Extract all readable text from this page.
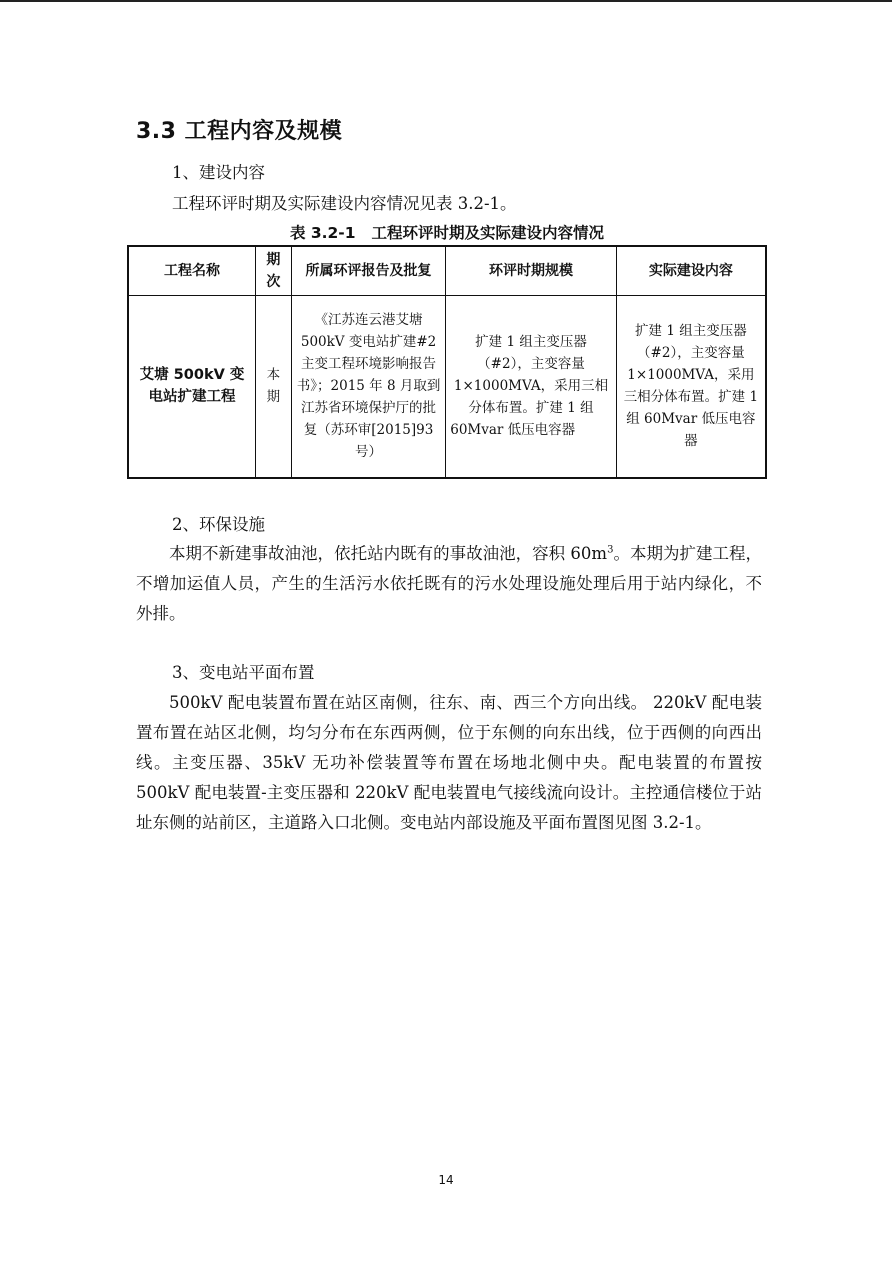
3.3 工程内容及规模

1、建设内容

工程环评时期及实际建设内容情况见表 3.2-1。

表 3.2-1 工程环评时期及实际建设内容情况
工程名称	期次	所属环评报告及批复	环评时期规模	实际建设内容
艾塘 500kV 变电站扩建工程	本期	《江苏连云港艾塘500kV 变电站扩建#2主变工程环境影响报告书》；2015 年 8 月取到江苏省环境保护厅的批复（苏环审[2015]93 号）	扩建 1 组主变压器（#2），主变容量 1×1000MVA，采用三相分体布置。扩建 1 组 60Mvar 低压电容器	扩建 1 组主变压器（#2），主变容量 1×1000MVA，采用三相分体布置。扩建 1 组 60Mvar 低压电容器

2、环保设施

本期不新建事故油池，依托站内既有的事故油池，容积 $60m^3$。本期为扩建工程，不增加运值人员，产生的生活污水依托既有的污水处理设施处理后用于站内绿化，不外排。

3、变电站平面布置

500kV 配电装置布置在站区南侧，往东、南、西三个方向出线。 220kV 配电装置布置在站区北侧，均匀分布在东西两侧，位于东侧的向东出线，位于西侧的向西出线。主变压器、35kV 无功补偿装置等布置在场地北侧中央。配电装置的布置按 500kV 配电装置-主变压器和 220kV 配电装置电气接线流向设计。主控通信楼位于站址东侧的站前区，主道路入口北侧。变电站内部设施及平面布置图见图 3.2-1。

14
